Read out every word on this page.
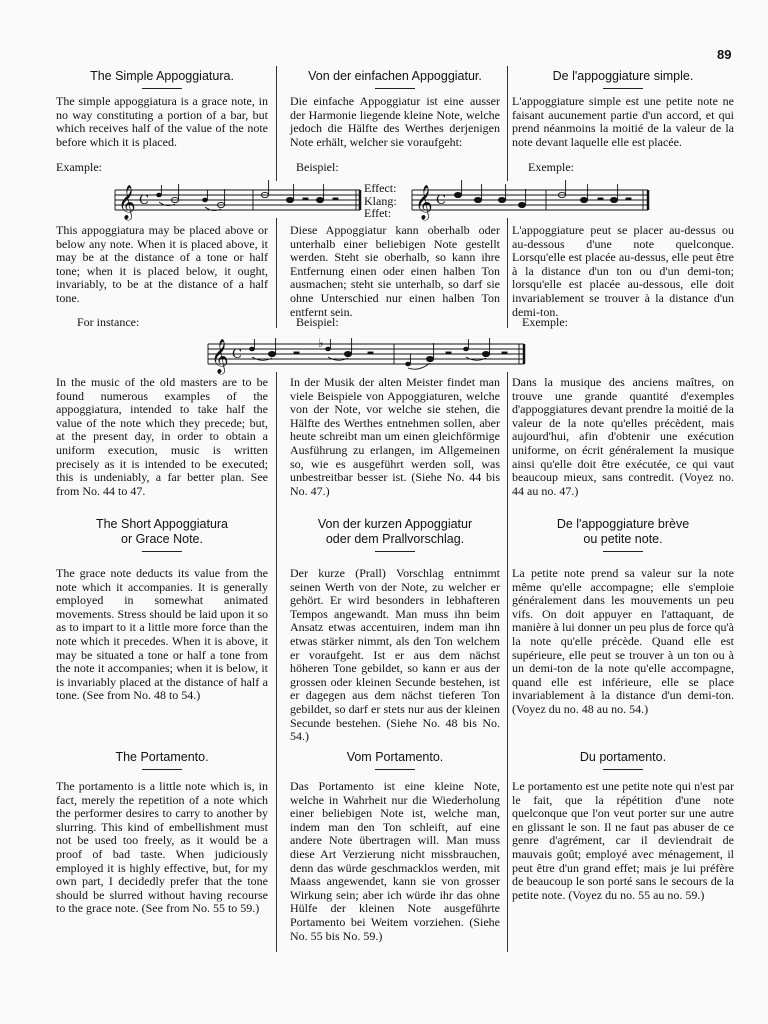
89
The Simple Appoggiatura.	Von der einfachen Appoggiatur.	De l'appoggiature simple.
The simple appoggiatura is a grace note, in no way constituting a portion of a bar, but which receives half of the value of the note before which it is placed.
Die einfache Appoggiatur ist eine ausser der Harmonie liegende kleine Note, welche jedoch die Hälfte des Werthes derjenigen Note erhält, welcher sie voraufgeht:
L'appoggiature simple est une petite note ne faisant aucunement partie d'un accord, et qui prend néanmoins la moitié de la valeur de la note devant laquelle elle est placée.
Example:	Beispiel:	Exemple:
𝄞 C
Effect:
Klang:
Effet: 𝄞 C
This appoggiatura may be placed above or below any note. When it is placed above, it may be at the distance of a tone or half tone; when it is placed below, it ought, invariably, to be at the distance of a half tone.
Diese Appoggiatur kann oberhalb oder unterhalb einer beliebigen Note gestellt werden. Steht sie oberhalb, so kann ihre Entfernung einen oder einen halben Ton ausmachen; steht sie unterhalb, so darf sie ohne Unterschied nur einen halben Ton entfernt sein.
L'appoggiature peut se placer au-dessus ou au-dessous d'une note quelconque. Lorsqu'elle est placée au-dessus, elle peut être à la distance d'un ton ou d'un demi-ton; lorsqu'elle est placée au-dessous, elle doit invariablement se trouver à la distance d'un demi-ton.
For instance:	Beispiel:	Exemple:
𝄞 C
♭
In the music of the old masters are to be found numerous examples of the appoggiatura, intended to take half the value of the note which they precede; but, at the present day, in order to obtain a uniform execution, music is written precisely as it is intended to be executed; this is undeniably, a far better plan. See from No. 44 to 47.
In der Musik der alten Meister findet man viele Beispiele von Appoggiaturen, welche von der Note, vor welche sie stehen, die Hälfte des Werthes entnehmen sollen, aber heute schreibt man um einen gleichförmige Ausführung zu erlangen, im Allgemeinen so, wie es ausgeführt werden soll, was unbestreitbar besser ist. (Siehe No. 44 bis No. 47.)
Dans la musique des anciens maîtres, on trouve une grande quantité d'exemples d'appoggiatures devant prendre la moitié de la valeur de la note qu'elles précèdent, mais aujourd'hui, afin d'obtenir une exécution uniforme, on écrit généralement la musique ainsi qu'elle doit être exécutée, ce qui vaut beaucoup mieux, sans contredit. (Voyez no. 44 au no. 47.)
The Short Appoggiatura
or Grace Note.
Von der kurzen Appoggiatur
oder dem Prallvorschlag.
De l'appoggiature brève
ou petite note.
The grace note deducts its value from the note which it accompanies. It is generally employed in somewhat animated movements. Stress should be laid upon it so as to impart to it a little more force than the note which it precedes. When it is above, it may be situated a tone or half a tone from the note it accompanies; when it is below, it is invariably placed at the distance of half a tone. (See from No. 48 to 54.)
Der kurze (Prall) Vorschlag entnimmt seinen Werth von der Note, zu welcher er gehört. Er wird besonders in lebhafteren Tempos angewandt. Man muss ihn beim Ansatz etwas accentuiren, indem man ihn etwas stärker nimmt, als den Ton welchem er voraufgeht. Ist er aus dem nächst höheren Tone gebildet, so kann er aus der grossen oder kleinen Secunde bestehen, ist er dagegen aus dem nächst tieferen Ton gebildet, so darf er stets nur aus der kleinen Secunde bestehen. (Siehe No. 48 bis No. 54.)
La petite note prend sa valeur sur la note même qu'elle accompagne; elle s'emploie généralement dans les mouvements un peu vifs. On doit appuyer en l'attaquant, de manière à lui donner un peu plus de force qu'à la note qu'elle précède. Quand elle est supérieure, elle peut se trouver à un ton ou à un demi-ton de la note qu'elle accompagne, quand elle est inférieure, elle se place invariablement à la distance d'un demi-ton. (Voyez du no. 48 au no. 54.)
The Portamento.	Vom Portamento.	Du portamento.
The portamento is a little note which is, in fact, merely the repetition of a note which the performer desires to carry to another by slurring. This kind of embellishment must not be used too freely, as it would be a proof of bad taste. When judiciously employed it is highly effective, but, for my own part, I decidedly prefer that the tone should be slurred without having recourse to the grace note. (See from No. 55 to 59.)
Das Portamento ist eine kleine Note, welche in Wahrheit nur die Wiederholung einer beliebigen Note ist, welche man, indem man den Ton schleift, auf eine andere Note übertragen will. Man muss diese Art Verzierung nicht missbrauchen, denn das würde geschmacklos werden, mit Maass angewendet, kann sie von grosser Wirkung sein; aber ich würde ihr das ohne Hülfe der kleinen Note ausgeführte Portamento bei Weitem vorziehen. (Siehe No. 55 bis No. 59.)
Le portamento est une petite note qui n'est par le fait, que la répétition d'une note quelconque que l'on veut porter sur une autre en glissant le son. Il ne faut pas abuser de ce genre d'agrément, car il deviendrait de mauvais goût; employé avec ménagement, il peut être d'un grand effet; mais je lui préfère de beaucoup le son porté sans le secours de la petite note. (Voyez du no. 55 au no. 59.)
